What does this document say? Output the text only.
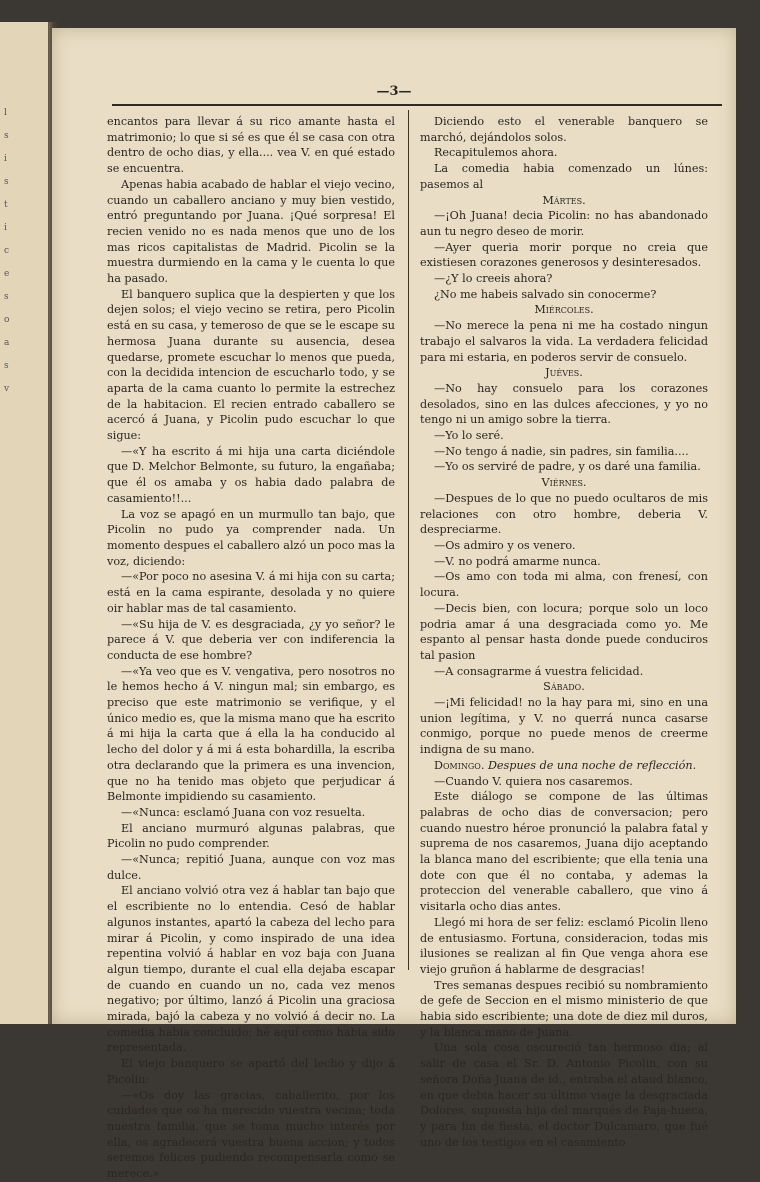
l
s
i
s
t
i
c
e
s
o
a
s
v
—3—

encantos para llevar á su rico amante hasta el matrimonio; lo que si sé es que él se casa con otra dentro de ocho dias, y ella.... vea V. en qué estado se encuentra.

Apenas habia acabado de hablar el viejo vecino, cuando un caballero anciano y muy bien vestido, entró preguntando por Juana. ¡Qué sorpresa! El recien venido no es nada menos que uno de los mas ricos capitalistas de Madrid. Picolin se la muestra durmiendo en la cama y le cuenta lo que ha pasado.

El banquero suplica que la despierten y que los dejen solos; el viejo vecino se retira, pero Picolin está en su casa, y temeroso de que se le escape su hermosa Juana durante su ausencia, desea quedarse, promete escuchar lo menos que pueda, con la decidida intencion de escucharlo todo, y se aparta de la cama cuanto lo permite la estrechez de la habitacion. El recien entrado caballero se acercó á Juana, y Picolin pudo escuchar lo que sigue:

—«Y ha escrito á mi hija una carta diciéndole que D. Melchor Belmonte, su futuro, la engañaba; que él os amaba y os habia dado palabra de casamiento!!...

La voz se apagó en un murmullo tan bajo, que Picolin no pudo ya comprender nada. Un momento despues el caballero alzó un poco mas la voz, diciendo:

—«Por poco no asesina V. á mi hija con su carta; está en la cama espirante, desolada y no quiere oir hablar mas de tal casamiento.

—«Su hija de V. es desgraciada, ¿y yo señor? le parece á V. que deberia ver con indiferencia la conducta de ese hombre?

—«Ya veo que es V. vengativa, pero nosotros no le hemos hecho á V. ningun mal; sin embargo, es preciso que este matrimonio se verifique, y el único medio es, que la misma mano que ha escrito á mi hija la carta que á ella la ha conducido al lecho del dolor y á mi á esta bohardilla, la escriba otra declarando que la primera es una invencion, que no ha tenido mas objeto que perjudicar á Belmonte impidiendo su casamiento.

—«Nunca: esclamó Juana con voz resuelta.

El anciano murmuró algunas palabras, que Picolin no pudo comprender.

—«Nunca; repitió Juana, aunque con voz mas dulce.

El anciano volvió otra vez á hablar tan bajo que el escribiente no lo entendia. Cesó de hablar algunos instantes, apartó la cabeza del lecho para mirar á Picolin, y como inspirado de una idea repentina volvió á hablar en voz baja con Juana algun tiempo, durante el cual ella dejaba escapar de cuando en cuando un no, cada vez menos negativo; por último, lanzó á Picolin una graciosa mirada, bajó la cabeza y no volvió á decir no. La comedia habia concluido; hé aquí como habia sido representada.

El viejo banquero se apartó del lecho y dijo á Picolin:

—«Os doy las gracias, caballerito, por los cuidados que os ha merecido vuestra vecina; toda nuestra familia, que se toma mucho interés por ella, os agradecerá vuestra buena accion; y todos seremos felices pudiendo recompensarla como se merece.»

Diciendo esto el venerable banquero se marchó, dejándolos solos.

Recapitulemos ahora.

La comedia habia comenzado un lúnes: pasemos al

Mártes.

—¡Oh Juana! decia Picolin: no has abandonado aun tu negro deseo de morir.

—Ayer queria morir porque no creia que existiesen corazones generosos y desinteresados.

—¿Y lo creeis ahora?

¿No me habeis salvado sin conocerme?

Miércoles.

—No merece la pena ni me ha costado ningun trabajo el salvaros la vida. La verdadera felicidad para mi estaria, en poderos servir de consuelo.

Juéves.

—No hay consuelo para los corazones desolados, sino en las dulces afecciones, y yo no tengo ni un amigo sobre la tierra.

—Yo lo seré.

—No tengo á nadie, sin padres, sin familia....

—Yo os serviré de padre, y os daré una familia.

Viérnes.

—Despues de lo que no puedo ocultaros de mis relaciones con otro hombre, deberia V. despreciarme.

—Os admiro y os venero.

—V. no podrá amarme nunca.

—Os amo con toda mi alma, con frenesí, con locura.

—Decis bien, con locura; porque solo un loco podria amar á una desgraciada como yo. Me espanto al pensar hasta donde puede conduciros tal pasion

—A consagrarme á vuestra felicidad.

Sábado.

—¡Mi felicidad! no la hay para mi, sino en una union legítima, y V. no querrá nunca casarse conmigo, porque no puede menos de creerme indigna de su mano.

Domingo. Despues de una noche de reflección.

—Cuando V. quiera nos casaremos.

Este diálogo se compone de las últimas palabras de ocho dias de conversacion; pero cuando nuestro héroe pronunció la palabra fatal y suprema de nos casaremos, Juana dijo aceptando la blanca mano del escribiente; que ella tenia una dote con que él no contaba, y ademas la proteccion del venerable caballero, que vino á visitarla ocho dias antes.

Llegó mi hora de ser feliz: esclamó Picolin lleno de entusiasmo. Fortuna, consideracion, todas mis ilusiones se realizan al fin Que venga ahora ese viejo gruñon á hablarme de desgracias!

Tres semanas despues recibió su nombramiento de gefe de Seccion en el mismo ministerio de que habia sido escribiente; una dote de diez mil duros, y la blanca mano de Juana.

Una sola cosa oscureció tan hermoso dia; al salir de casa el Sr. D. Antonio Picolin, con su señora Doña Juana de id., entraba el ataud blanco, en que debia hacer su último viage la desgraciada Dolores, supuesta hija del marqués de Paja-hueca, y para fin de fiesta, el doctor Dulcamaro, que fué uno de los testigos en el casamiento
